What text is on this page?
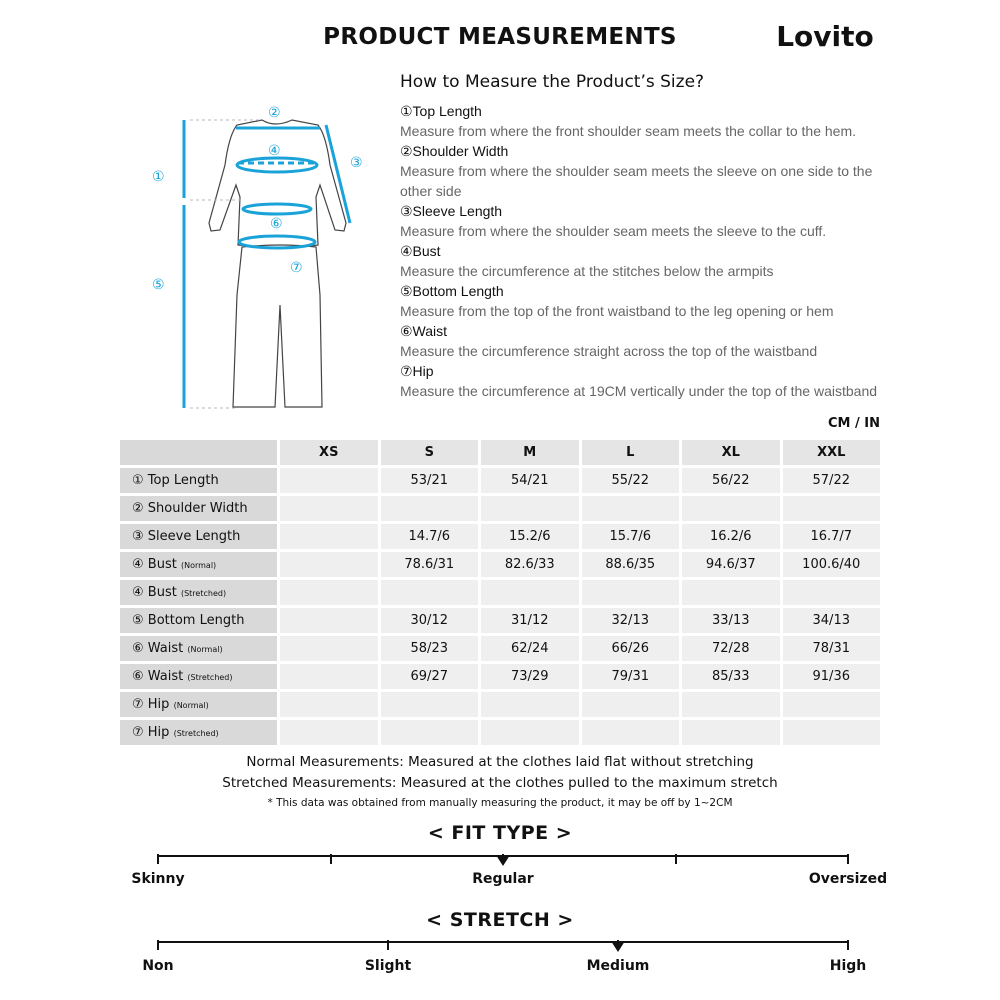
PRODUCT MEASUREMENTS	Lovito
①
②
③
④
⑤
⑥
⑦
How to Measure the Product’s Size?
①Top Length
Measure from where the front shoulder seam meets the collar to the hem.
②Shoulder Width
Measure from where the shoulder seam meets the sleeve on one side to the other side
③Sleeve Length
Measure from where the shoulder seam meets the sleeve to the cuff.
④Bust
Measure the circumference at the stitches below the armpits
⑤Bottom Length
Measure from the top of the front waistband to the leg opening or hem
⑥Waist
Measure the circumference straight across the top of the waistband
⑦Hip
Measure the circumference at 19CM vertically under the top of the waistband
CM / IN
	XS	S	M	L	XL	XXL
① Top Length		53/21	54/21	55/22	56/22	57/22
② Shoulder Width						
③ Sleeve Length		14.7/6	15.2/6	15.7/6	16.2/6	16.7/7
④ Bust (Normal)		78.6/31	82.6/33	88.6/35	94.6/37	100.6/40
④ Bust (Stretched)						
⑤ Bottom Length		30/12	31/12	32/13	33/13	34/13
⑥ Waist (Normal)		58/23	62/24	66/26	72/28	78/31
⑥ Waist (Stretched)		69/27	73/29	79/31	85/33	91/36
⑦ Hip (Normal)						
⑦ Hip (Stretched)						
Normal Measurements: Measured at the clothes laid flat without stretching
Stretched Measurements: Measured at the clothes pulled to the maximum stretch
* This data was obtained from manually measuring the product, it may be off by 1~2CM
< FIT TYPE >
Skinny	Regular	Oversized
< STRETCH >
Non	Slight	Medium	High
